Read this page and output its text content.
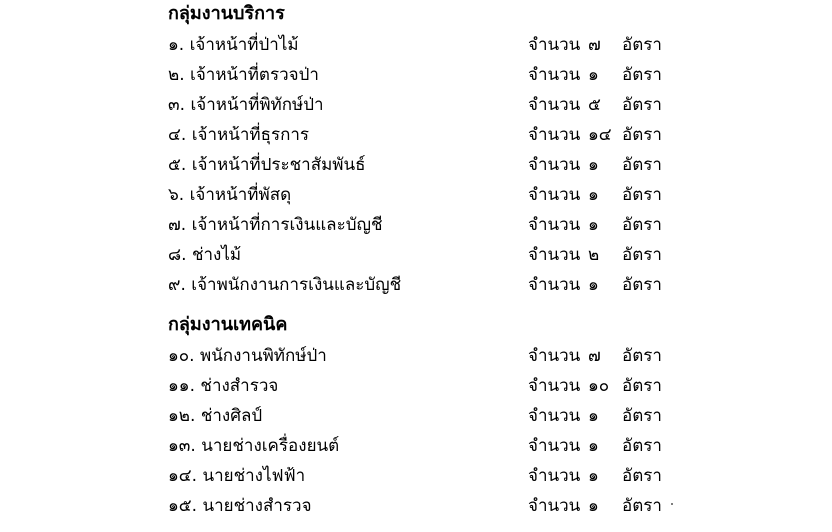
กลุ่มงานบริการ
๑. เจ้าหน้าที่ป่าไม้	จำนวน ๗	อัตรา
๒. เจ้าหน้าที่ตรวจป่า	จำนวน ๑	อัตรา
๓. เจ้าหน้าที่พิทักษ์ป่า	จำนวน ๕	อัตรา
๔. เจ้าหน้าที่ธุรการ	จำนวน ๑๔ อัตรา
๕. เจ้าหน้าที่ประชาสัมพันธ์	จำนวน ๑	อัตรา
๖. เจ้าหน้าที่พัสดุ	จำนวน ๑	อัตรา
๗. เจ้าหน้าที่การเงินและบัญชี	จำนวน ๑	อัตรา
๘. ช่างไม้	จำนวน ๒	อัตรา
๙. เจ้าพนักงานการเงินและบัญชี	จำนวน ๑	อัตรา
กลุ่มงานเทคนิค
๑๐. พนักงานพิทักษ์ป่า	จำนวน ๗	อัตรา
๑๑. ช่างสำรวจ	จำนวน ๑๐ อัตรา
๑๒. ช่างศิลป์	จำนวน ๑	อัตรา
๑๓. นายช่างเครื่องยนต์	จำนวน ๑	อัตรา
๑๔. นายช่างไฟฟ้า	จำนวน ๑	อัตรา
๑๕. นายช่างสำรวจ	จำนวน ๑	อัตรา
